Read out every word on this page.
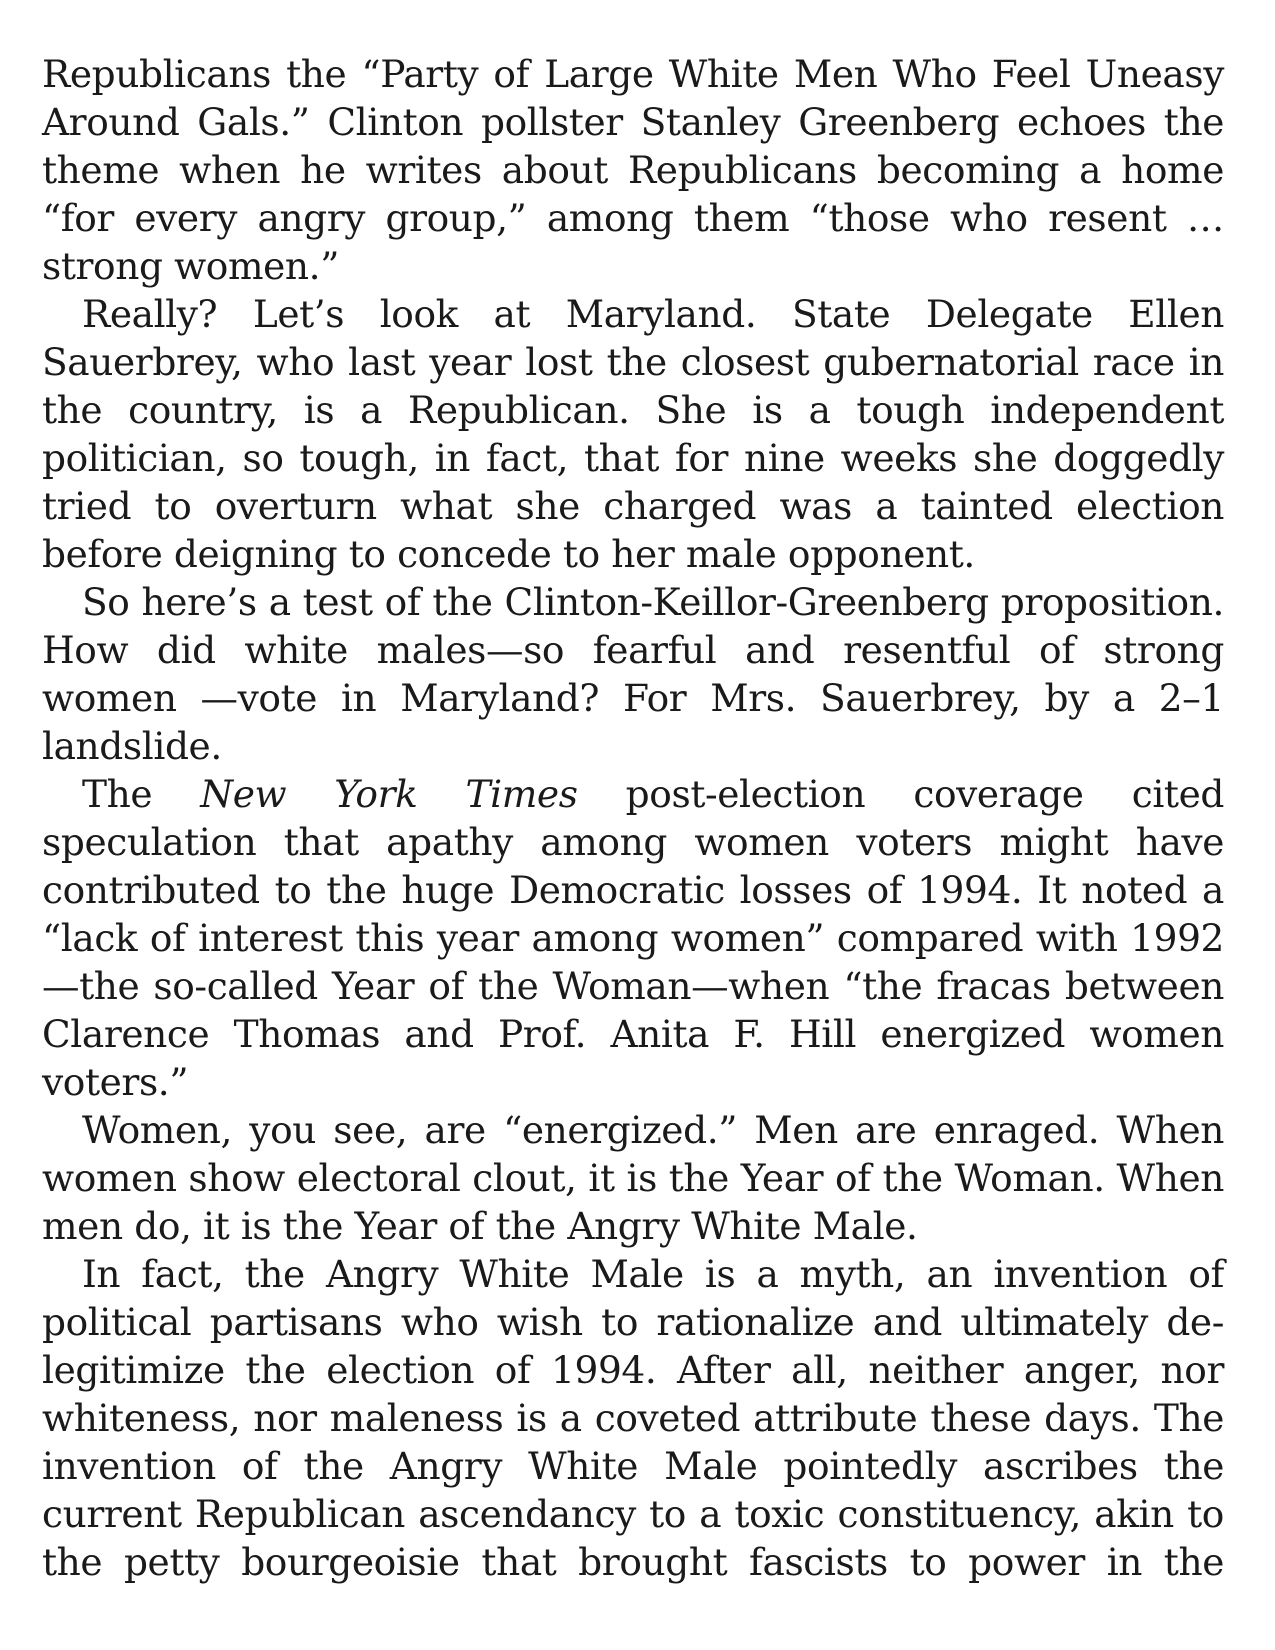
Republicans the “Party of Large White Men Who Feel Uneasy Around Gals.” Clinton pollster Stanley Greenberg echoes the theme when he writes about Republicans becoming a home “for every angry group,” among them “those who resent … strong women.”

Really? Let’s look at Maryland. State Delegate Ellen Sauerbrey, who last year lost the closest gubernatorial race in the country, is a Republican. She is a tough independent politician, so tough, in fact, that for nine weeks she doggedly tried to overturn what she charged was a tainted election before deigning to concede to her male opponent.

So here’s a test of the Clinton-Keillor-Greenberg proposition. How did white males—so fearful and resentful of strong women —vote in Maryland? For Mrs. Sauerbrey, by a 2–1 landslide.

The New York Times post-election coverage cited speculation that apathy among women voters might have contributed to the huge Democratic losses of 1994. It noted a “lack of interest this year among women” compared with 1992—the so-called Year of the Woman—when “the fracas between Clarence Thomas and Prof. Anita F. Hill energized women voters.”

Women, you see, are “energized.” Men are enraged. When women show electoral clout, it is the Year of the Woman. When men do, it is the Year of the Angry White Male.

In fact, the Angry White Male is a myth, an invention of political partisans who wish to rationalize and ultimately de-legitimize the election of 1994. After all, neither anger, nor whiteness, nor maleness is a coveted attribute these days. The invention of the Angry White Male pointedly ascribes the current Republican ascendancy to a toxic constituency, akin to the petty bourgeoisie that brought fascists to power in the
